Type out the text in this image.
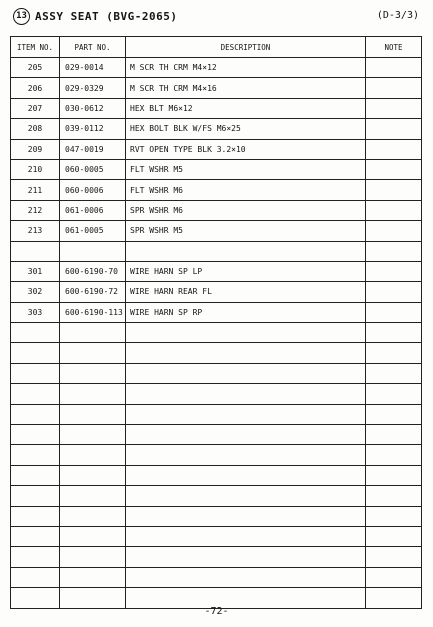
13 ASSY SEAT (BVG-2065)	(D-3/3)
ITEM NO.	PART NO.	DESCRIPTION	NOTE
205	029-0014	M SCR TH CRM M4×12	
206	029-0329	M SCR TH CRM M4×16	
207	030-0612	HEX BLT M6×12	
208	039-0112	HEX BOLT BLK W/FS M6×25	
209	047-0019	RVT OPEN TYPE BLK 3.2×10	
210	060-0005	FLT WSHR M5	
211	060-0006	FLT WSHR M6	
212	061-0006	SPR WSHR M6	
213	061-0005	SPR WSHR M5	

301	600-6190-70	WIRE HARN SP LP	
302	600-6190-72	WIRE HARN REAR FL	
303	600-6190-113	WIRE HARN SP RP	

-72-
